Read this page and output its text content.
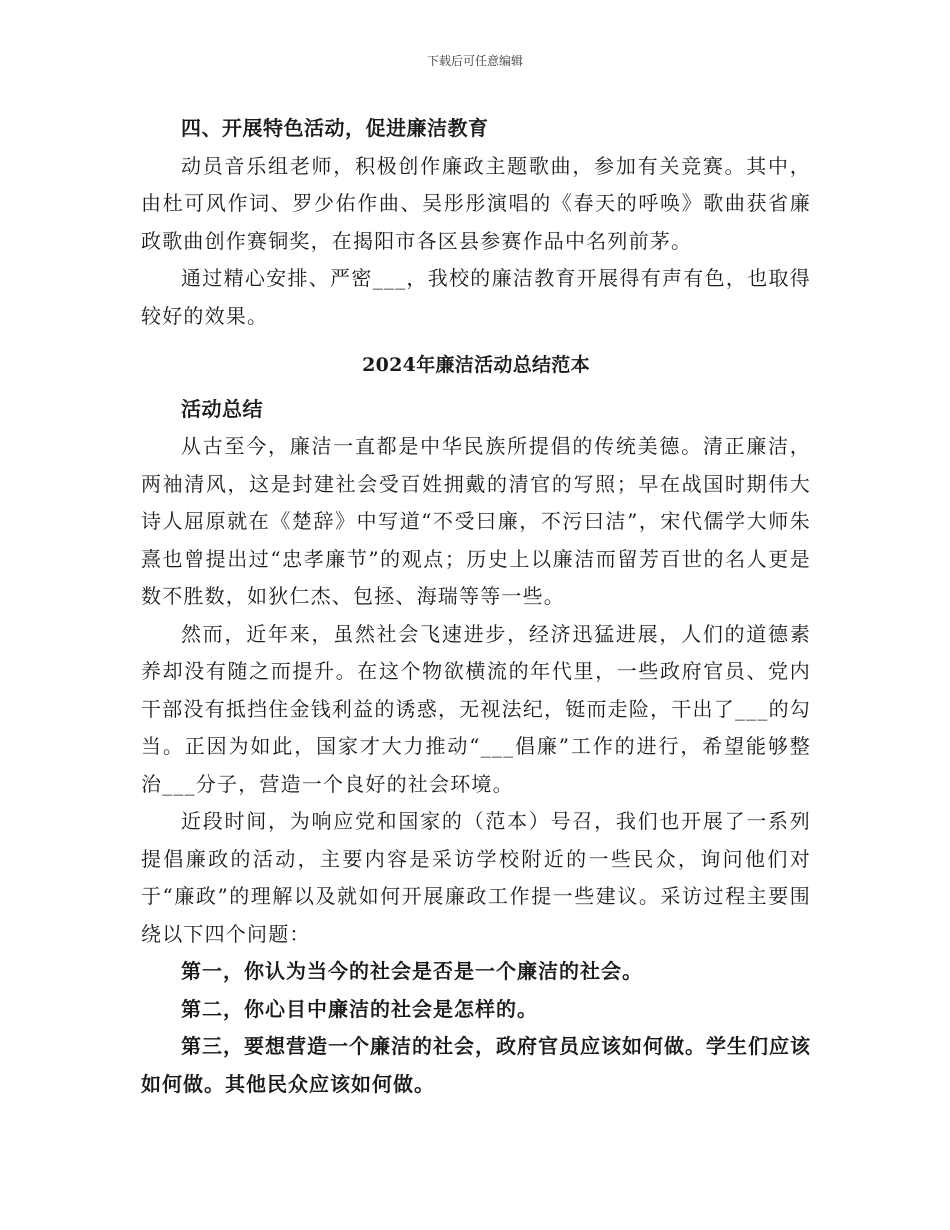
下载后可任意编辑

四、开展特色活动，促进廉洁教育

动员音乐组老师，积极创作廉政主题歌曲，参加有关竞赛。其中，由杜可风作词、罗少佑作曲、吴彤彤演唱的《春天的呼唤》歌曲获省廉政歌曲创作赛铜奖，在揭阳市各区县参赛作品中名列前茅。

通过精心安排、严密___，我校的廉洁教育开展得有声有色，也取得较好的效果。

2024年廉洁活动总结范本

活动总结

从古至今，廉洁一直都是中华民族所提倡的传统美德。清正廉洁，两袖清风，这是封建社会受百姓拥戴的清官的写照；早在战国时期伟大诗人屈原就在《楚辞》中写道“不受曰廉，不污曰洁”，宋代儒学大师朱熹也曾提出过“忠孝廉节”的观点；历史上以廉洁而留芳百世的名人更是数不胜数，如狄仁杰、包拯、海瑞等等一些。

然而，近年来，虽然社会飞速进步，经济迅猛进展，人们的道德素养却没有随之而提升。在这个物欲横流的年代里，一些政府官员、党内干部没有抵挡住金钱利益的诱惑，无视法纪，铤而走险，干出了___的勾当。正因为如此，国家才大力推动“___倡廉”工作的进行，希望能够整治___分子，营造一个良好的社会环境。

近段时间，为响应党和国家的（范本）号召，我们也开展了一系列提倡廉政的活动，主要内容是采访学校附近的一些民众，询问他们对于“廉政”的理解以及就如何开展廉政工作提一些建议。采访过程主要围绕以下四个问题：

第一，你认为当今的社会是否是一个廉洁的社会。

第二，你心目中廉洁的社会是怎样的。

第三，要想营造一个廉洁的社会，政府官员应该如何做。学生们应该如何做。其他民众应该如何做。
